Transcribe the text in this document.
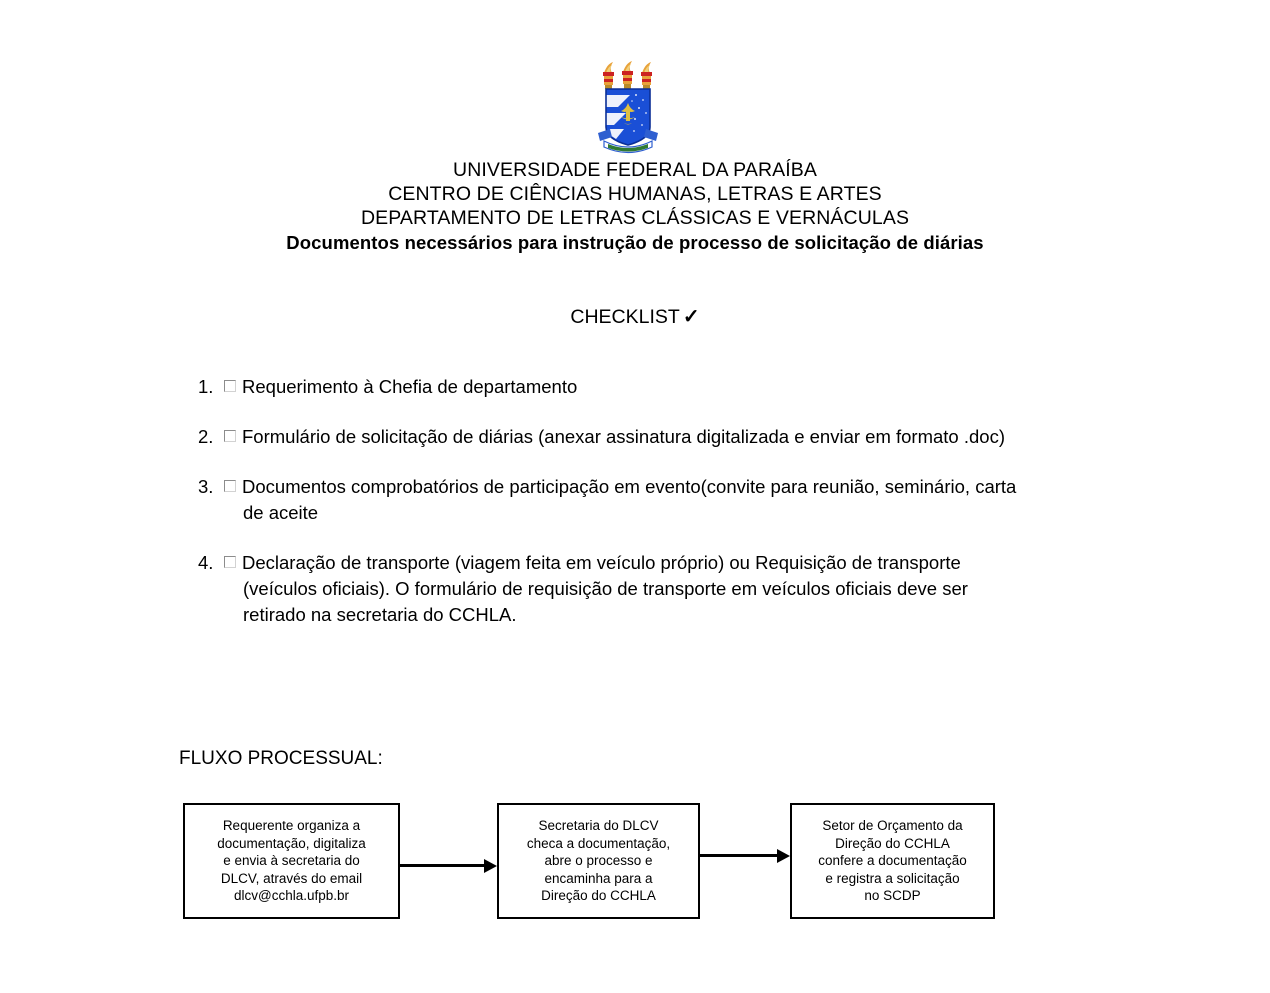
UNIVERSIDADE FEDERAL DA PARAÍBA
CENTRO DE CIÊNCIAS HUMANAS, LETRAS E ARTES
DEPARTAMENTO DE LETRAS CLÁSSICAS E VERNÁCULAS
Documentos necessários para instrução de processo de solicitação de diárias
CHECKLIST ✓
1.	Requerimento à Chefia de departamento
2.	Formulário de solicitação de diárias (anexar assinatura digitalizada e enviar em formato .doc)
3.	Documentos comprobatórios de participação em evento(convite para reunião, seminário, carta de aceite
4.	Declaração de transporte (viagem feita em veículo próprio) ou Requisição de transporte (veículos oficiais). O formulário de requisição de transporte em veículos oficiais deve ser retirado na secretaria do CCHLA.
FLUXO PROCESSUAL:
Requerente organiza a
documentação, digitaliza
e envia à secretaria do
DLCV, através do email
dlcv@cchla.ufpb.br
Secretaria do DLCV
checa a documentação,
abre o processo e
encaminha para a
Direção do CCHLA
Setor de Orçamento da
Direção do CCHLA
confere a documentação
e registra a solicitação
no SCDP
